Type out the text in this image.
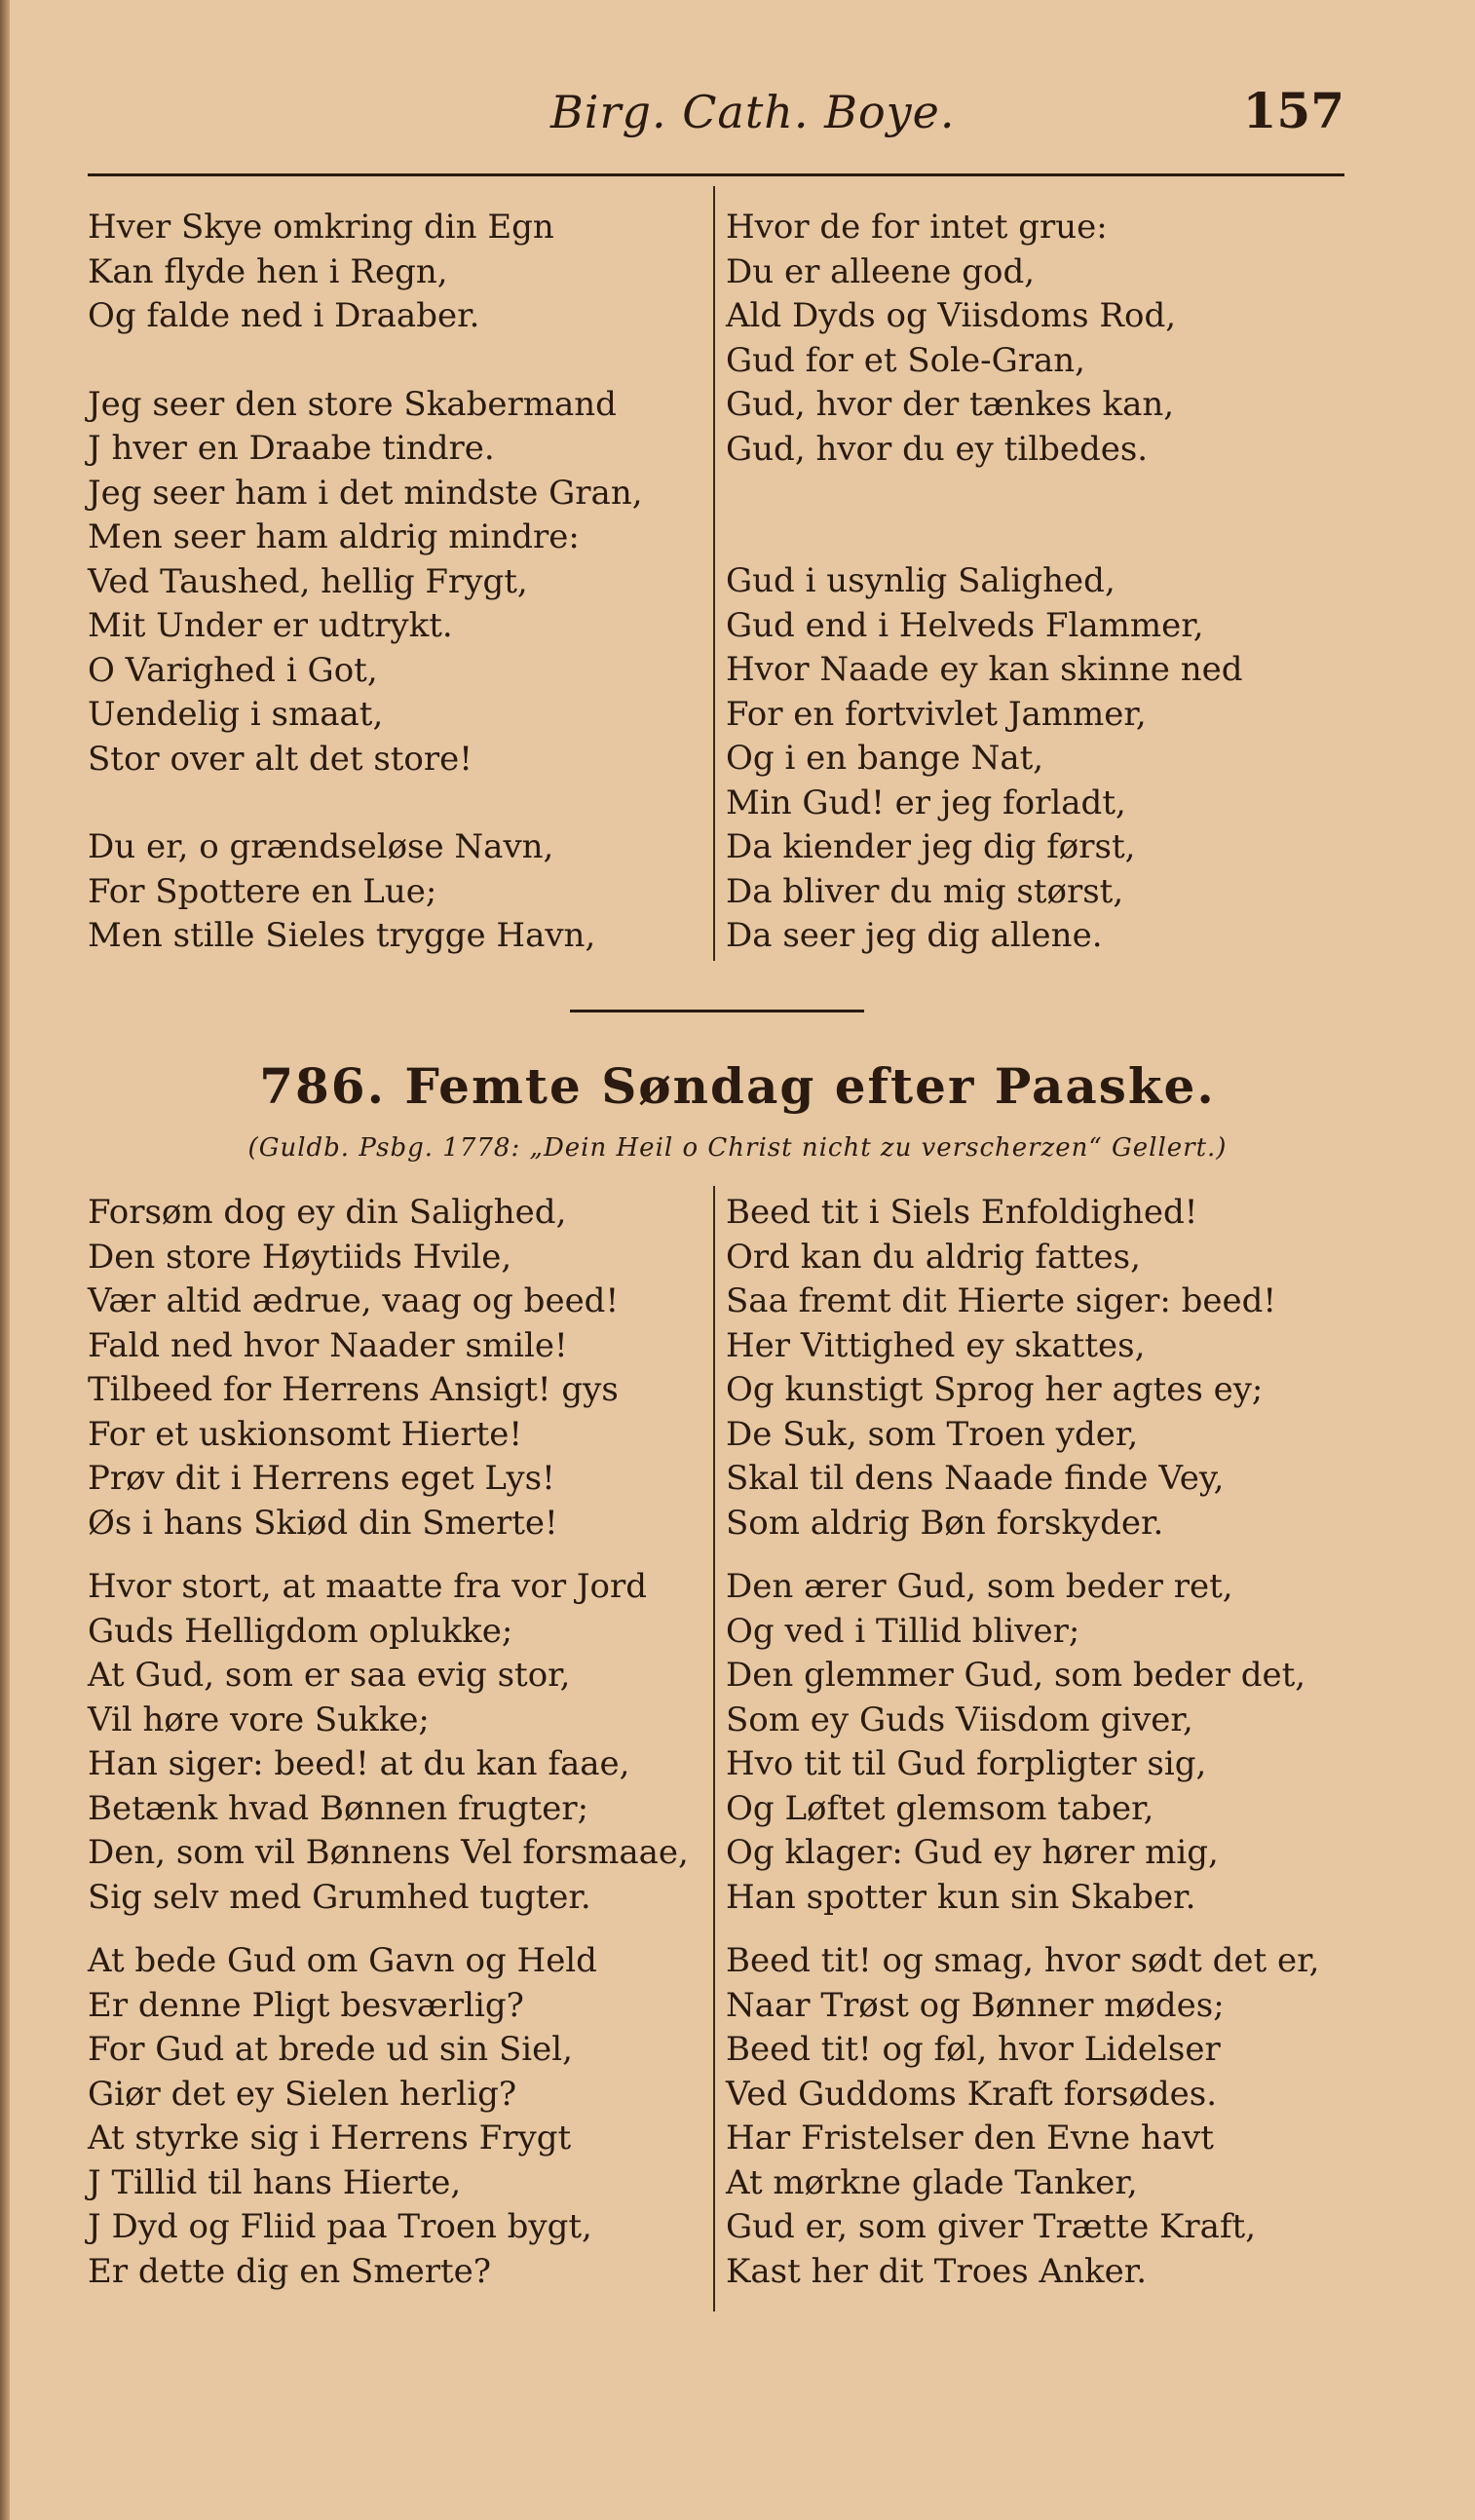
Birg. Cath. Boye.	157
Hver Skye omkring din Egn
Kan flyde hen i Regn,
Og falde ned i Draaber.
Jeg seer den store Skabermand
J hver en Draabe tindre.
Jeg seer ham i det mindste Gran,
Men seer ham aldrig mindre:
Ved Taushed, hellig Frygt,
Mit Under er udtrykt.
O Varighed i Got,
Uendelig i smaat,
Stor over alt det store!
Du er, o grændseløse Navn,
For Spottere en Lue;
Men stille Sieles trygge Havn,
Hvor de for intet grue:
Du er alleene god,
Ald Dyds og Viisdoms Rod,
Gud for et Sole-Gran,
Gud, hvor der tænkes kan,
Gud, hvor du ey tilbedes.
Gud i usynlig Salighed,
Gud end i Helveds Flammer,
Hvor Naade ey kan skinne ned
For en fortvivlet Jammer,
Og i en bange Nat,
Min Gud! er jeg forladt,
Da kiender jeg dig først,
Da bliver du mig størst,
Da seer jeg dig allene.
786. Femte Søndag efter Paaske.
(Guldb. Psbg. 1778: „Dein Heil o Christ nicht zu verscherzen“ Gellert.)
Forsøm dog ey din Salighed,
Den store Høytiids Hvile,
Vær altid ædrue, vaag og beed!
Fald ned hvor Naader smile!
Tilbeed for Herrens Ansigt! gys
For et uskionsomt Hierte!
Prøv dit i Herrens eget Lys!
Øs i hans Skiød din Smerte!
Hvor stort, at maatte fra vor Jord
Guds Helligdom oplukke;
At Gud, som er saa evig stor,
Vil høre vore Sukke;
Han siger: beed! at du kan faae,
Betænk hvad Bønnen frugter;
Den, som vil Bønnens Vel forsmaae,
Sig selv med Grumhed tugter.
At bede Gud om Gavn og Held
Er denne Pligt besværlig?
For Gud at brede ud sin Siel,
Giør det ey Sielen herlig?
At styrke sig i Herrens Frygt
J Tillid til hans Hierte,
J Dyd og Fliid paa Troen bygt,
Er dette dig en Smerte?
Beed tit i Siels Enfoldighed!
Ord kan du aldrig fattes,
Saa fremt dit Hierte siger: beed!
Her Vittighed ey skattes,
Og kunstigt Sprog her agtes ey;
De Suk, som Troen yder,
Skal til dens Naade finde Vey,
Som aldrig Bøn forskyder.
Den ærer Gud, som beder ret,
Og ved i Tillid bliver;
Den glemmer Gud, som beder det,
Som ey Guds Viisdom giver,
Hvo tit til Gud forpligter sig,
Og Løftet glemsom taber,
Og klager: Gud ey hører mig,
Han spotter kun sin Skaber.
Beed tit! og smag, hvor sødt det er,
Naar Trøst og Bønner mødes;
Beed tit! og føl, hvor Lidelser
Ved Guddoms Kraft forsødes.
Har Fristelser den Evne havt
At mørkne glade Tanker,
Gud er, som giver Trætte Kraft,
Kast her dit Troes Anker.
